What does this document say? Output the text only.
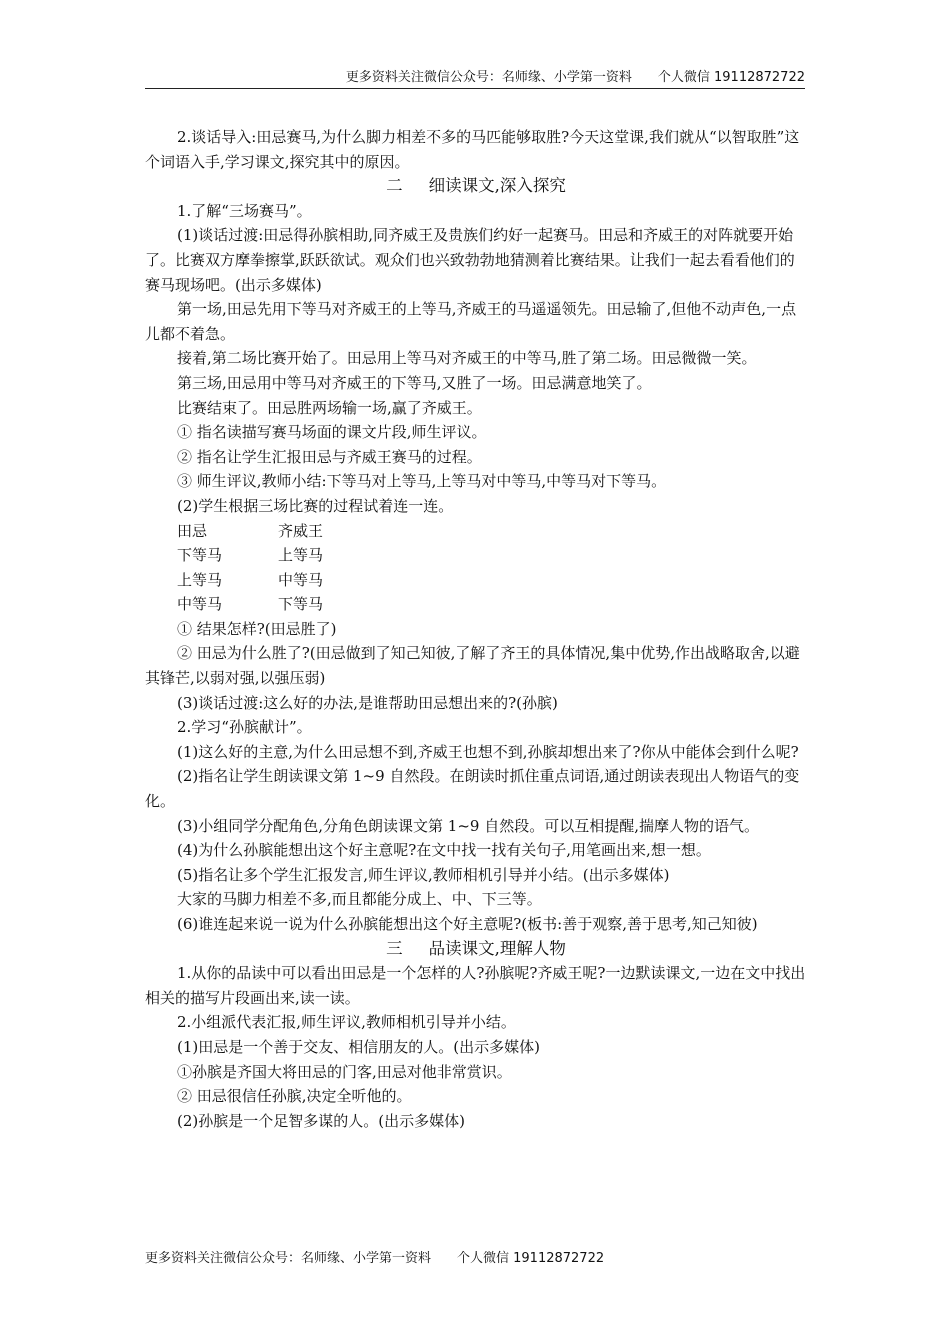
更多资料关注微信公众号：名师缘、小学第一资料　　个人微信 19112872722

2.谈话导入:田忌赛马,为什么脚力相差不多的马匹能够取胜?今天这堂课,我们就从“以智取胜”这个词语入手,学习课文,探究其中的原因。

二 细读课文,深入探究

1.了解“三场赛马”。

(1)谈话过渡:田忌得孙膑相助,同齐威王及贵族们约好一起赛马。田忌和齐威王的对阵就要开始了。比赛双方摩拳擦掌,跃跃欲试。观众们也兴致勃勃地猜测着比赛结果。让我们一起去看看他们的赛马现场吧。(出示多媒体)

第一场,田忌先用下等马对齐威王的上等马,齐威王的马遥遥领先。田忌输了,但他不动声色,一点儿都不着急。

接着,第二场比赛开始了。田忌用上等马对齐威王的中等马,胜了第二场。田忌微微一笑。

第三场,田忌用中等马对齐威王的下等马,又胜了一场。田忌满意地笑了。

比赛结束了。田忌胜两场输一场,赢了齐威王。

① 指名读描写赛马场面的课文片段,师生评议。

② 指名让学生汇报田忌与齐威王赛马的过程。

③ 师生评议,教师小结:下等马对上等马,上等马对中等马,中等马对下等马。

(2)学生根据三场比赛的过程试着连一连。

田忌	齐威王

下等马	上等马

上等马	中等马

中等马	下等马

① 结果怎样?(田忌胜了)

② 田忌为什么胜了?(田忌做到了知己知彼,了解了齐王的具体情况,集中优势,作出战略取舍,以避其锋芒,以弱对强,以强压弱)

(3)谈话过渡:这么好的办法,是谁帮助田忌想出来的?(孙膑)

2.学习“孙膑献计”。

(1)这么好的主意,为什么田忌想不到,齐威王也想不到,孙膑却想出来了?你从中能体会到什么呢?

(2)指名让学生朗读课文第 1~9 自然段。在朗读时抓住重点词语,通过朗读表现出人物语气的变化。

(3)小组同学分配角色,分角色朗读课文第 1~9 自然段。可以互相提醒,揣摩人物的语气。

(4)为什么孙膑能想出这个好主意呢?在文中找一找有关句子,用笔画出来,想一想。

(5)指名让多个学生汇报发言,师生评议,教师相机引导并小结。(出示多媒体)

大家的马脚力相差不多,而且都能分成上、中、下三等。

(6)谁连起来说一说为什么孙膑能想出这个好主意呢?(板书:善于观察,善于思考,知己知彼)

三 品读课文,理解人物

1.从你的品读中可以看出田忌是一个怎样的人?孙膑呢?齐威王呢?一边默读课文,一边在文中找出相关的描写片段画出来,读一读。

2.小组派代表汇报,师生评议,教师相机引导并小结。

(1)田忌是一个善于交友、相信朋友的人。(出示多媒体)

①孙膑是齐国大将田忌的门客,田忌对他非常赏识。

② 田忌很信任孙膑,决定全听他的。

(2)孙膑是一个足智多谋的人。(出示多媒体)

更多资料关注微信公众号：名师缘、小学第一资料　　个人微信 19112872722
